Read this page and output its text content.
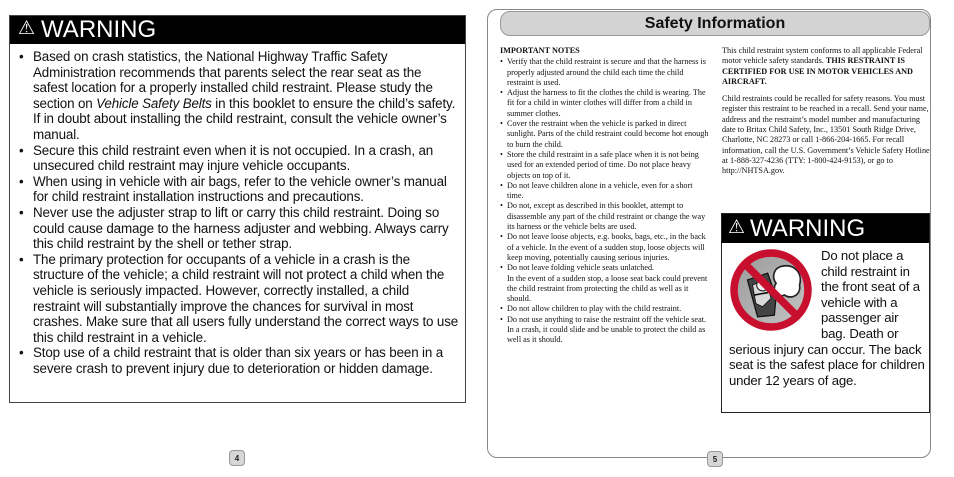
⚠ WARNING
• Based on crash statistics, the National Highway Traffic Safety Administration recommends that parents select the rear seat as the safest location for a properly installed child restraint. Please study the section on Vehicle Safety Belts in this booklet to ensure the child’s safety. If in doubt about installing the child restraint, consult the vehicle owner’s manual.
• Secure this child restraint even when it is not occupied. In a crash, an unsecured child restraint may injure vehicle occupants.
• When using in vehicle with air bags, refer to the vehicle owner’s manual for child restraint installation instructions and precautions.
• Never use the adjuster strap to lift or carry this child restraint. Doing so could cause damage to the harness adjuster and webbing. Always carry this child restraint by the shell or tether strap.
• The primary protection for occupants of a vehicle in a crash is the structure of the vehicle; a child restraint will not protect a child when the vehicle is seriously impacted. However, correctly installed, a child restraint will substantially improve the chances for survival in most crashes. Make sure that all users fully understand the correct ways to use this child restraint in a vehicle.
• Stop use of a child restraint that is older than six years or has been in a severe crash to prevent injury due to deterioration or hidden damage.
4
Safety Information
IMPORTANT NOTES
• Verify that the child restraint is secure and that the harness is properly adjusted around the child each time the child restraint is used.
• Adjust the harness to fit the clothes the child is wearing. The fit for a child in winter clothes will differ from a child in summer clothes.
• Cover the restraint when the vehicle is parked in direct sunlight. Parts of the child restraint could become hot enough to burn the child.
• Store the child restraint in a safe place when it is not being used for an extended period of time. Do not place heavy objects on top of it.
• Do not leave children alone in a vehicle, even for a short time.
• Do not, except as described in this booklet, attempt to disassemble any part of the child restraint or change the way its harness or the vehicle belts are used.
• Do not leave loose objects, e.g. books, bags, etc., in the back of a vehicle. In the event of a sudden stop, loose objects will keep moving, potentially causing serious injuries.
• Do not leave folding vehicle seats unlatched.
In the event of a sudden stop, a loose seat back could prevent the child restraint from protecting the child as well as it should.
• Do not allow children to play with the child restraint.
• Do not use anything to raise the restraint off the vehicle seat. In a crash, it could slide and be unable to protect the child as well as it should.

This child restraint system conforms to all applicable Federal motor vehicle safety standards. THIS RESTRAINT IS CERTIFIED FOR USE IN MOTOR VEHICLES AND AIRCRAFT.

Child restraints could be recalled for safety reasons. You must register this restraint to be reached in a recall. Send your name, address and the restraint’s model number and manufacturing date to Britax Child Safety, Inc., 13501 South Ridge Drive, Charlotte, NC 28273 or call 1-866-204-1665. For recall information, call the U.S. Government’s Vehicle Safety Hotline at 1-888-327-4236 (TTY: 1-800-424-9153), or go to http://NHTSA.gov.

⚠ WARNING
Do not place a child restraint in the front seat of a vehicle with a passenger air bag. Death or serious injury can occur. The back seat is the safest place for children under 12 years of age.
5
